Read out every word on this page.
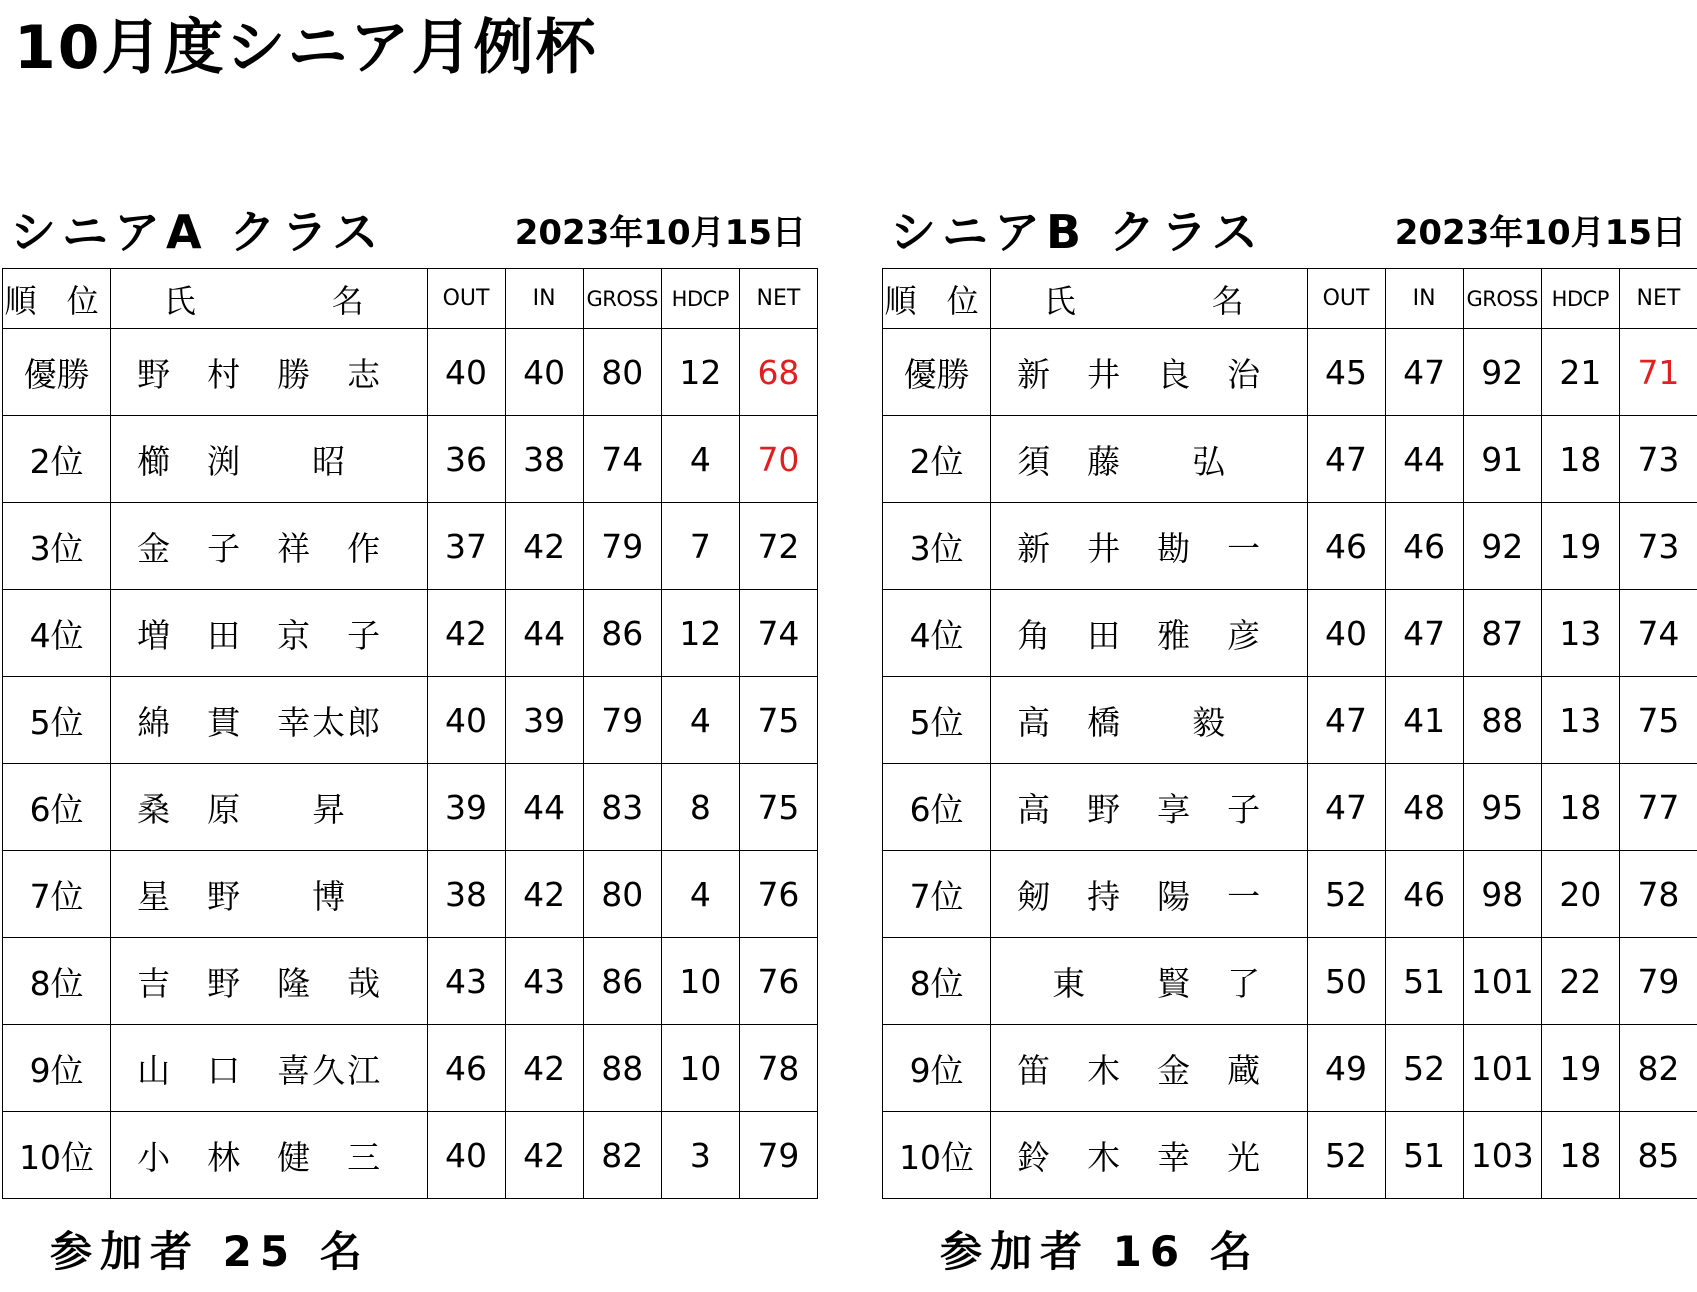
10月度シニア月例杯
シニアA クラス	2023年10月15日
順 位	氏　　　名	OUT	IN	GROSS	HDCP	NET
優勝	野　村　勝　志	40	40	80	12	68
2位	櫛　渕　　昭	36	38	74	4	70
3位	金　子　祥　作	37	42	79	7	72
4位	増　田　京　子	42	44	86	12	74
5位	綿　貫　幸太郎	40	39	79	4	75
6位	桑　原　　昇	39	44	83	8	75
7位	星　野　　博	38	42	80	4	76
8位	吉　野　隆　哉	43	43	86	10	76
9位	山　口　喜久江	46	42	88	10	78
10位	小　林　健　三	40	42	82	3	79
シニアB クラス	2023年10月15日
順 位	氏　　　名	OUT	IN	GROSS	HDCP	NET
優勝	新　井　良　治	45	47	92	21	71
2位	須　藤　　弘	47	44	91	18	73
3位	新　井　勘　一	46	46	92	19	73
4位	角　田　雅　彦	40	47	87	13	74
5位	高　橋　　毅	47	41	88	13	75
6位	高　野　享　子	47	48	95	18	77
7位	剱　持　陽　一	52	46	98	20	78
8位	　東　　賢　了	50	51	101	22	79
9位	笛　木　金　蔵	49	52	101	19	82
10位	鈴　木　幸　光	52	51	103	18	85
参加者 25 名	参加者 16 名
